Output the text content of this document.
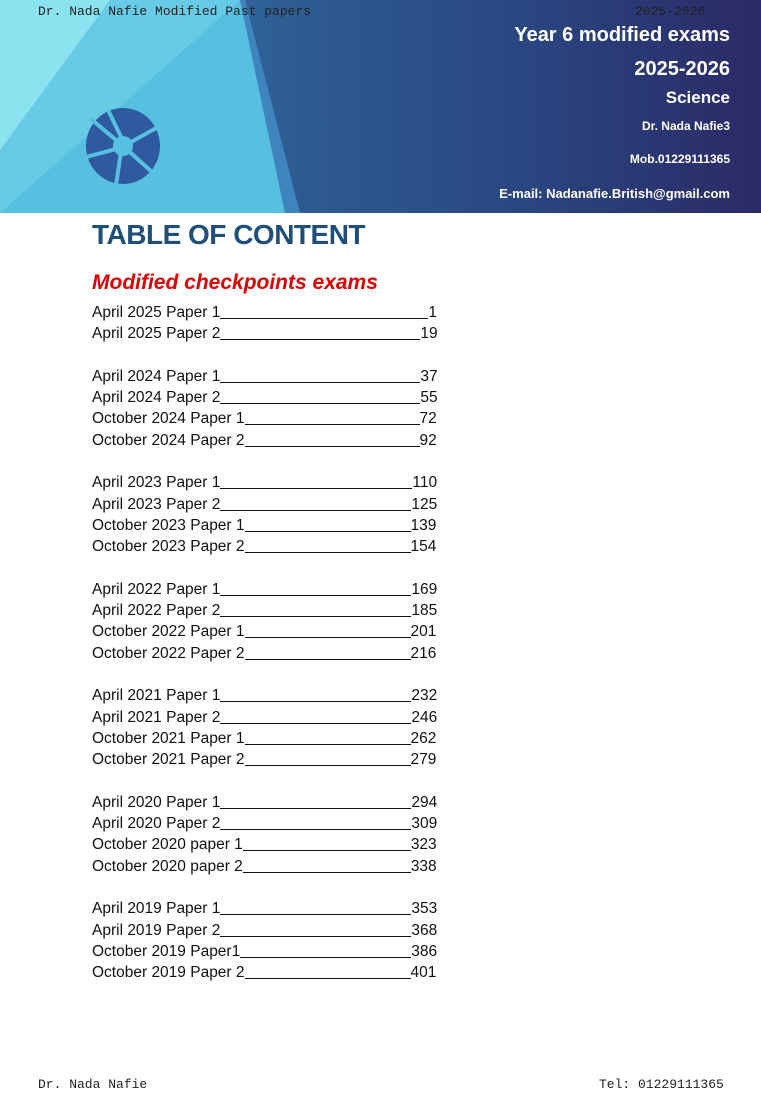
Year 6 modified exams
2025-2026
Science
Dr. Nada Nafie3
Mob.01229111365
E-mail: Nadanafie.British@gmail.com
Dr. Nada Nafie Modified Past papers	2025-2026
TABLE OF CONTENT
Modified checkpoints exams
April 2025 Paper 1	1
April 2025 Paper 2	19
April 2024 Paper 1	37
April 2024 Paper 2	55
October 2024 Paper 1	72
October 2024 Paper 2	92
April 2023 Paper 1	110
April 2023 Paper 2	125
October 2023 Paper 1	139
October 2023 Paper 2	154
April 2022 Paper 1	169
April 2022 Paper 2	185
October 2022 Paper 1	201
October 2022 Paper 2	216
April 2021 Paper 1	232
April 2021 Paper 2	246
October 2021 Paper 1	262
October 2021 Paper 2	279
April 2020 Paper 1	294
April 2020 Paper 2	309
October 2020 paper 1	323
October 2020 paper 2	338
April 2019 Paper 1	353
April 2019 Paper 2	368
October 2019 Paper1	386
October 2019 Paper 2	401
Dr. Nada Nafie	Tel: 01229111365
